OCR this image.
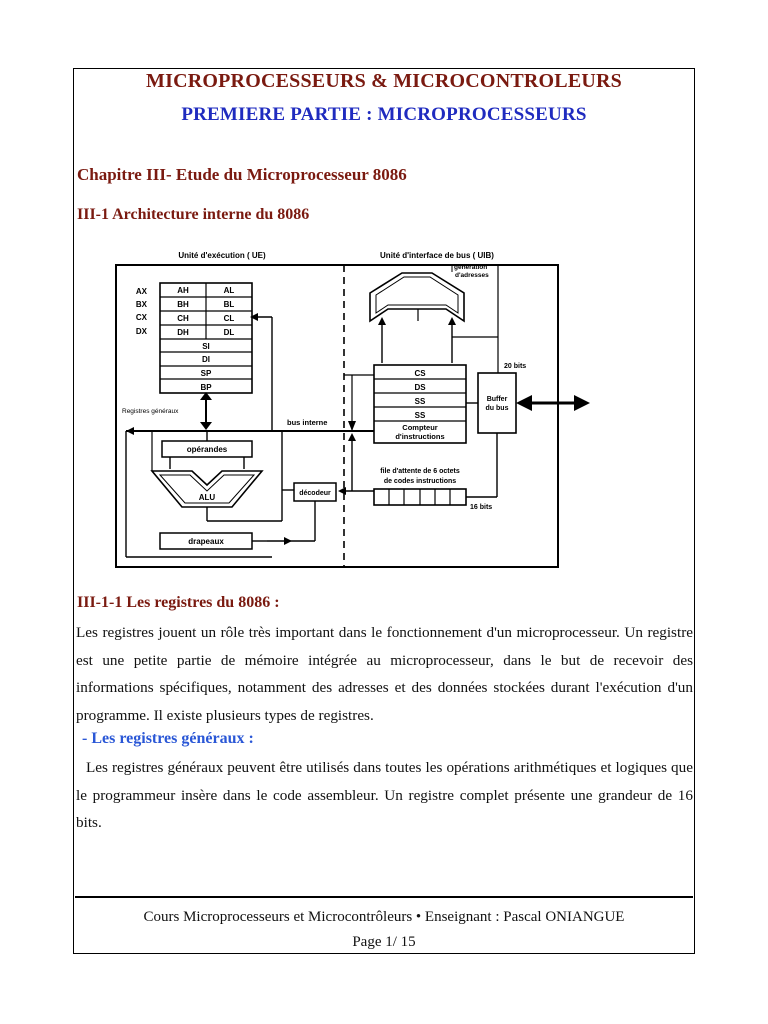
MICROPROCESSEURS & MICROCONTROLEURS
PREMIERE PARTIE : MICROPROCESSEURS
Chapitre III- Etude du Microprocesseur 8086
III-1 Architecture interne du 8086
Unité d'exécution ( UE)	Unité d'interface de bus ( UIB)
AX
BX
CX
DX
AH
BH
CH
DH
AL
BL
CL
DL
SI
DI
SP
BP
Registres généraux
bus interne
opérandes
ALU
drapeaux
décodeur
génération
d'adresses
CS
DS
SS
SS
Compteur
d'instructions
Buffer
du bus
20 bits
file d'attente de 6 octets
de codes instructions
16 bits
III-1-1 Les registres du 8086 :

Les registres jouent un rôle très important dans le fonctionnement d'un microprocesseur. Un registre est une petite partie de mémoire intégrée au microprocesseur, dans le but de recevoir des informations spécifiques, notamment des adresses et des données stockées durant l'exécution d'un programme. Il existe plusieurs types de registres.

- Les registres généraux :

Les registres généraux peuvent être utilisés dans toutes les opérations arithmétiques et logiques que le programmeur insère dans le code assembleur. Un registre complet présente une grandeur de 16 bits.

Cours Microprocesseurs et Microcontrôleurs • Enseignant : Pascal ONIANGUE
Page 1/ 15
